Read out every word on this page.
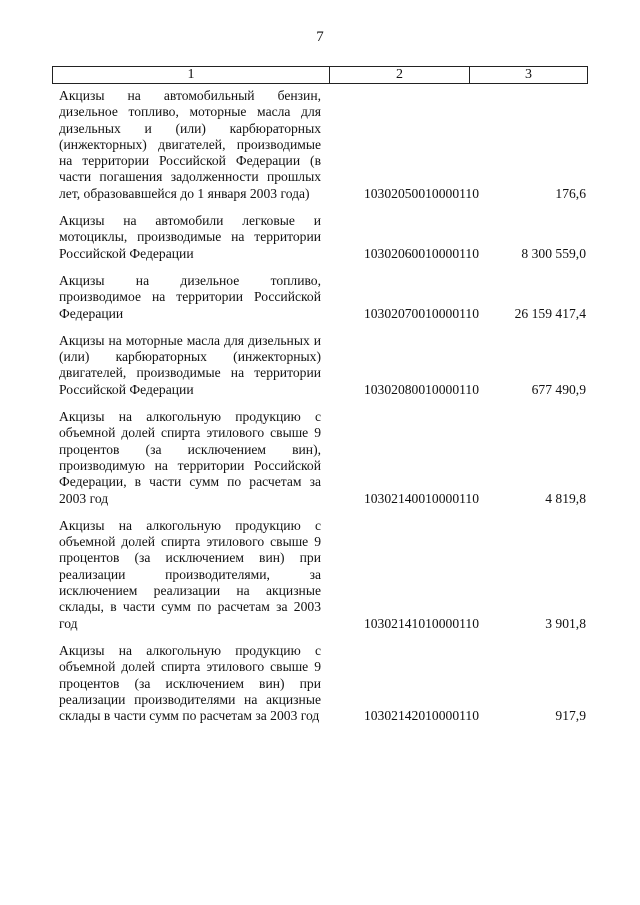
7
1	2	3
Акцизы на автомобильный бензин, дизельное топливо, моторные масла для дизельных и (или) карбюраторных (инжекторных) двигателей, производимые на территории Российской Федерации (в части погашения задолженности прошлых лет, образовавшейся до 1 января 2003 года)	10302050010000110	176,6
Акцизы на автомобили легковые и мотоциклы, производимые на территории Российской Федерации	10302060010000110	8 300 559,0
Акцизы на дизельное топливо, производимое на территории Российской Федерации	10302070010000110	26 159 417,4
Акцизы на моторные масла для дизельных и (или) карбюраторных (инжекторных) двигателей, производимые на территории Российской Федерации	10302080010000110	677 490,9
Акцизы на алкогольную продукцию с объемной долей спирта этилового свыше 9 процентов (за исключением вин), производимую на территории Российской Федерации, в части сумм по расчетам за 2003 год	10302140010000110	4 819,8
Акцизы на алкогольную продукцию с объемной долей спирта этилового свыше 9 процентов (за исключением вин) при реализации производителями, за исключением реализации на акцизные склады, в части сумм по расчетам за 2003 год	10302141010000110	3 901,8
Акцизы на алкогольную продукцию с объемной долей спирта этилового свыше 9 процентов (за исключением вин) при реализации производителями на акцизные склады в части сумм по расчетам за 2003 год	10302142010000110	917,9
